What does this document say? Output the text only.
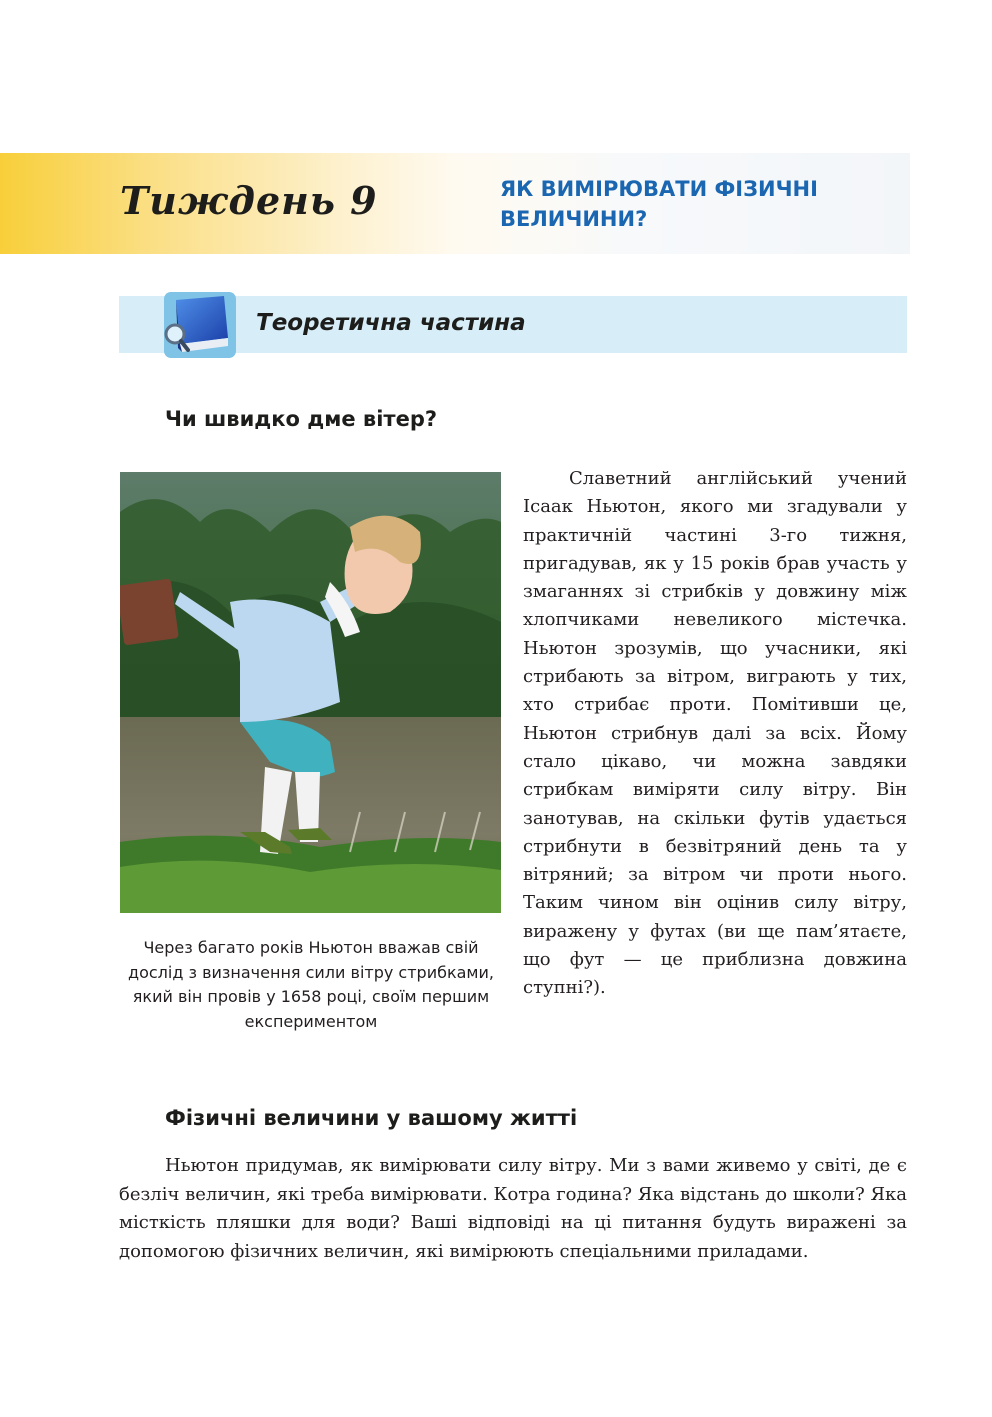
Тиждень 9	ЯК ВИМІРЮВАТИ ФІЗИЧНІ ВЕЛИЧИНИ?
Теоретична частина
Чи швидко дме вітер?
Через багато років Ньютон вважав свій дослід з визначення сили вітру стрибками, який він провів у 1658 році, своїм першим експериментом

Славетний англійський учений Ісаак Ньютон, якого ми згадували у практичній частині 3-го тижня, пригадував, як у 15 років брав участь у змаганнях зі стрибків у довжину між хлопчиками невеликого містечка. Ньютон зрозумів, що учасники, які стрибають за вітром, виграють у тих, хто стрибає проти. Помітивши це, Ньютон стрибнув далі за всіх. Йому стало цікаво, чи можна завдяки стрибкам виміряти силу вітру. Він занотував, на скільки футів удається стрибнути в безвітряний день та у вітряний; за вітром чи проти нього. Таким чином він оцінив силу вітру, виражену у футах (ви ще пам’ятаєте, що фут — це приблизна довжина ступні?).

Фізичні величини у вашому житті

Ньютон придумав, як вимірювати силу вітру. Ми з вами живемо у світі, де є безліч величин, які треба вимірювати. Котра година? Яка відстань до школи? Яка місткість пляшки для води? Ваші відповіді на ці питання будуть виражені за допомогою фізичних величин, які вимірюють спеціальними приладами.
